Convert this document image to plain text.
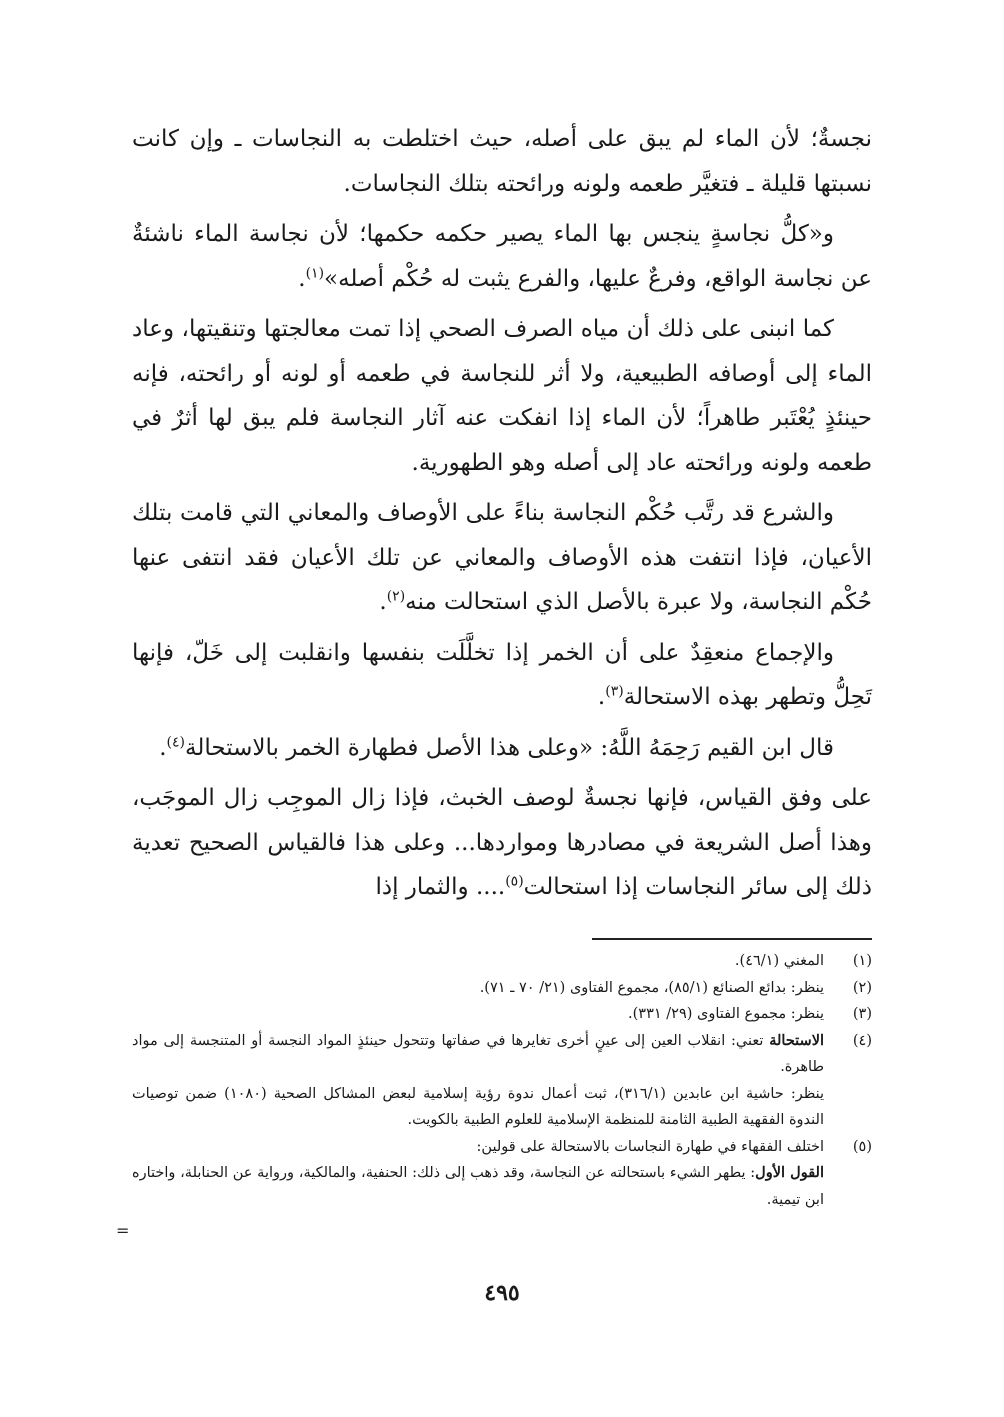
نجسةٌ؛ لأن الماء لم يبق على أصله، حيث اختلطت به النجاسات ـ وإن كانت نسبتها قليلة ـ فتغيَّر طعمه ولونه ورائحته بتلك النجاسات.

و«كلُّ نجاسةٍ ينجس بها الماء يصير حكمه حكمها؛ لأن نجاسة الماء ناشئةٌ عن نجاسة الواقع، وفرعٌ عليها، والفرع يثبت له حُكْم أصله»$^{(١)}$.

كما انبنى على ذلك أن مياه الصرف الصحي إذا تمت معالجتها وتنقيتها، وعاد الماء إلى أوصافه الطبيعية، ولا أثر للنجاسة في طعمه أو لونه أو رائحته، فإنه حينئذٍ يُعْتَبر طاهراً؛ لأن الماء إذا انفكت عنه آثار النجاسة فلم يبق لها أثرٌ في طعمه ولونه ورائحته عاد إلى أصله وهو الطهورية.

والشرع قد رتَّب حُكْم النجاسة بناءً على الأوصاف والمعاني التي قامت بتلك الأعيان، فإذا انتفت هذه الأوصاف والمعاني عن تلك الأعيان فقد انتفى عنها حُكْم النجاسة، ولا عبرة بالأصل الذي استحالت منه$^{(٢)}$.

والإجماع منعقِدٌ على أن الخمر إذا تخلَّلَت بنفسها وانقلبت إلى خَلّ، فإنها تَحِلُّ وتطهر بهذه الاستحالة$^{(٣)}$.

قال ابن القيم رَحِمَهُ اللَّهُ: «وعلى هذا الأصل فطهارة الخمر بالاستحالة$^{(٤)}$.

على وفق القياس، فإنها نجسةٌ لوصف الخبث، فإذا زال الموجِب زال الموجَب، وهذا أصل الشريعة في مصادرها ومواردها... وعلى هذا فالقياس الصحيح تعدية ذلك إلى سائر النجاسات إذا استحالت$^{(٥)}$.... والثمار إذا

(١)
المغني (٤٦/١).
(٢)
ينظر: بدائع الصنائع (٨٥/١)، مجموع الفتاوى (٢١/ ٧٠ ـ ٧١).
(٣)
ينظر: مجموع الفتاوى (٢٩/ ٣٣١).
(٤)
الاستحالة تعني: انقلاب العين إلى عينٍ أخرى تغايرها في صفاتها وتتحول حينئذٍ المواد النجسة أو المتنجسة إلى مواد طاهرة.
ينظر: حاشية ابن عابدين (٣١٦/١)، ثبت أعمال ندوة رؤية إسلامية لبعض المشاكل الصحية (١٠٨٠) ضمن توصيات الندوة الفقهية الطبية الثامنة للمنظمة الإسلامية للعلوم الطبية بالكويت.
(٥)
اختلف الفقهاء في طهارة النجاسات بالاستحالة على قولين:
القول الأول: يطهر الشيء باستحالته عن النجاسة، وقد ذهب إلى ذلك: الحنفية، والمالكية، ورواية عن الحنابلة، واختاره ابن تيمية.
=
٤٩٥
